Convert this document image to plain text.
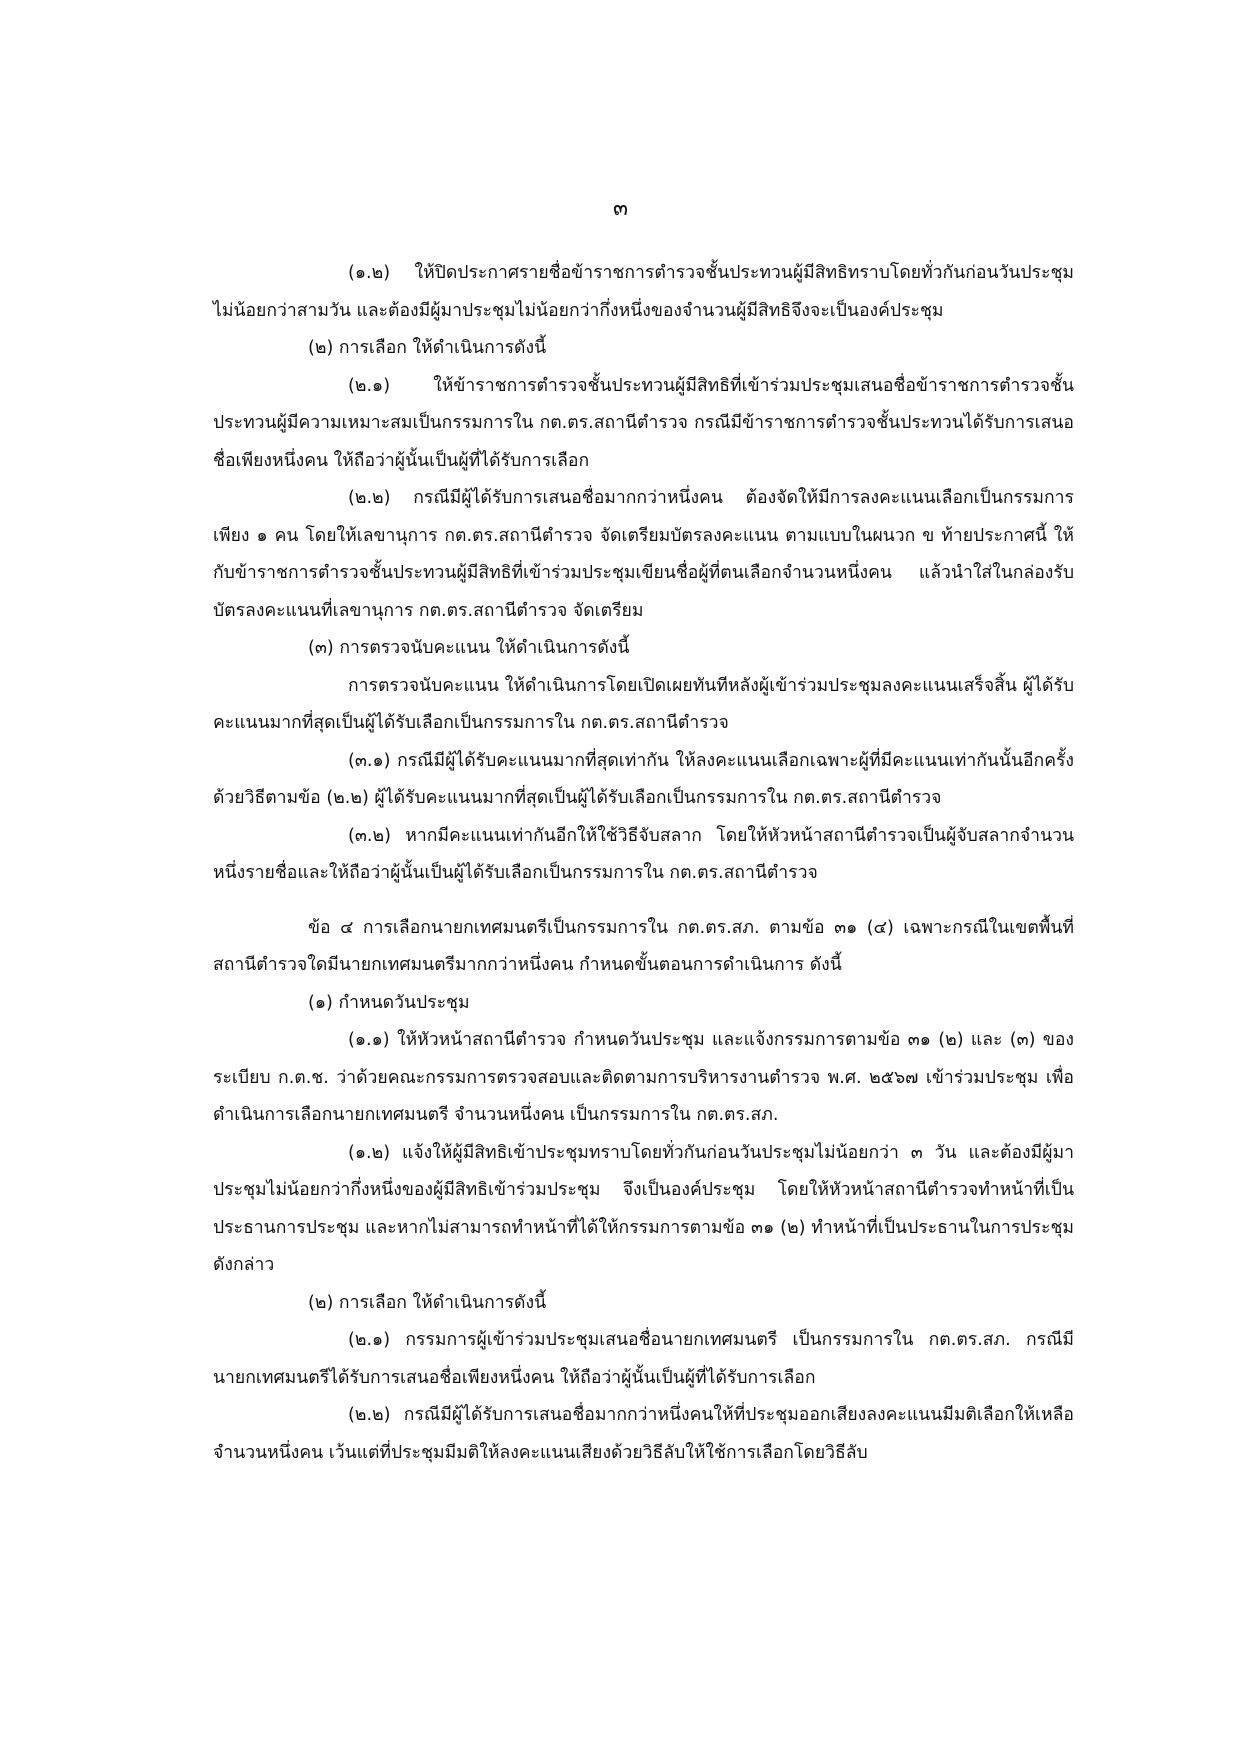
๓

(๑.๒) ให้ปิดประกาศรายชื่อข้าราชการตำรวจชั้นประทวนผู้มีสิทธิทราบโดยทั่วกันก่อนวันประชุมไม่น้อยกว่าสามวัน และต้องมีผู้มาประชุมไม่น้อยกว่ากึ่งหนึ่งของจำนวนผู้มีสิทธิจึงจะเป็นองค์ประชุม

(๒) การเลือก ให้ดำเนินการดังนี้

(๒.๑) ให้ข้าราชการตำรวจชั้นประทวนผู้มีสิทธิที่เข้าร่วมประชุมเสนอชื่อข้าราชการตำรวจชั้นประทวนผู้มีความเหมาะสมเป็นกรรมการใน กต.ตร.สถานีตำรวจ กรณีมีข้าราชการตำรวจชั้นประทวนได้รับการเสนอชื่อเพียงหนึ่งคน ให้ถือว่าผู้นั้นเป็นผู้ที่ได้รับการเลือก

(๒.๒) กรณีมีผู้ได้รับการเสนอชื่อมากกว่าหนึ่งคน ต้องจัดให้มีการลงคะแนนเลือกเป็นกรรมการเพียง ๑ คน โดยให้เลขานุการ กต.ตร.สถานีตำรวจ จัดเตรียมบัตรลงคะแนน ตามแบบในผนวก ข ท้ายประกาศนี้ ให้กับข้าราชการตำรวจชั้นประทวนผู้มีสิทธิที่เข้าร่วมประชุมเขียนชื่อผู้ที่ตนเลือกจำนวนหนึ่งคน แล้วนำใส่ในกล่องรับบัตรลงคะแนนที่เลขานุการ กต.ตร.สถานีตำรวจ จัดเตรียม

(๓) การตรวจนับคะแนน ให้ดำเนินการดังนี้

การตรวจนับคะแนน ให้ดำเนินการโดยเปิดเผยทันทีหลังผู้เข้าร่วมประชุมลงคะแนนเสร็จสิ้น ผู้ได้รับคะแนนมากที่สุดเป็นผู้ได้รับเลือกเป็นกรรมการใน กต.ตร.สถานีตำรวจ

(๓.๑) กรณีมีผู้ได้รับคะแนนมากที่สุดเท่ากัน ให้ลงคะแนนเลือกเฉพาะผู้ที่มีคะแนนเท่ากันนั้นอีกครั้งด้วยวิธีตามข้อ (๒.๒) ผู้ได้รับคะแนนมากที่สุดเป็นผู้ได้รับเลือกเป็นกรรมการใน กต.ตร.สถานีตำรวจ

(๓.๒) หากมีคะแนนเท่ากันอีกให้ใช้วิธีจับสลาก โดยให้หัวหน้าสถานีตำรวจเป็นผู้จับสลากจำนวนหนึ่งรายชื่อและให้ถือว่าผู้นั้นเป็นผู้ได้รับเลือกเป็นกรรมการใน กต.ตร.สถานีตำรวจ

ข้อ ๔ การเลือกนายกเทศมนตรีเป็นกรรมการใน กต.ตร.สภ. ตามข้อ ๓๑ (๔) เฉพาะกรณีในเขตพื้นที่สถานีตำรวจใดมีนายกเทศมนตรีมากกว่าหนึ่งคน กำหนดขั้นตอนการดำเนินการ ดังนี้

(๑) กำหนดวันประชุม

(๑.๑) ให้หัวหน้าสถานีตำรวจ กำหนดวันประชุม และแจ้งกรรมการตามข้อ ๓๑ (๒) และ (๓) ของระเบียบ ก.ต.ช. ว่าด้วยคณะกรรมการตรวจสอบและติดตามการบริหารงานตำรวจ พ.ศ. ๒๕๖๗ เข้าร่วมประชุม เพื่อดำเนินการเลือกนายกเทศมนตรี จำนวนหนึ่งคน เป็นกรรมการใน กต.ตร.สภ.

(๑.๒) แจ้งให้ผู้มีสิทธิเข้าประชุมทราบโดยทั่วกันก่อนวันประชุมไม่น้อยกว่า ๓ วัน และต้องมีผู้มาประชุมไม่น้อยกว่ากึ่งหนึ่งของผู้มีสิทธิเข้าร่วมประชุม จึงเป็นองค์ประชุม โดยให้หัวหน้าสถานีตำรวจทำหน้าที่เป็นประธานการประชุม และหากไม่สามารถทำหน้าที่ได้ให้กรรมการตามข้อ ๓๑ (๒) ทำหน้าที่เป็นประธานในการประชุมดังกล่าว

(๒) การเลือก ให้ดำเนินการดังนี้

(๒.๑) กรรมการผู้เข้าร่วมประชุมเสนอชื่อนายกเทศมนตรี เป็นกรรมการใน กต.ตร.สภ. กรณีมีนายกเทศมนตรีได้รับการเสนอชื่อเพียงหนึ่งคน ให้ถือว่าผู้นั้นเป็นผู้ที่ได้รับการเลือก

(๒.๒) กรณีมีผู้ได้รับการเสนอชื่อมากกว่าหนึ่งคนให้ที่ประชุมออกเสียงลงคะแนนมีมติเลือกให้เหลือจำนวนหนึ่งคน เว้นแต่ที่ประชุมมีมติให้ลงคะแนนเสียงด้วยวิธีลับให้ใช้การเลือกโดยวิธีลับ
